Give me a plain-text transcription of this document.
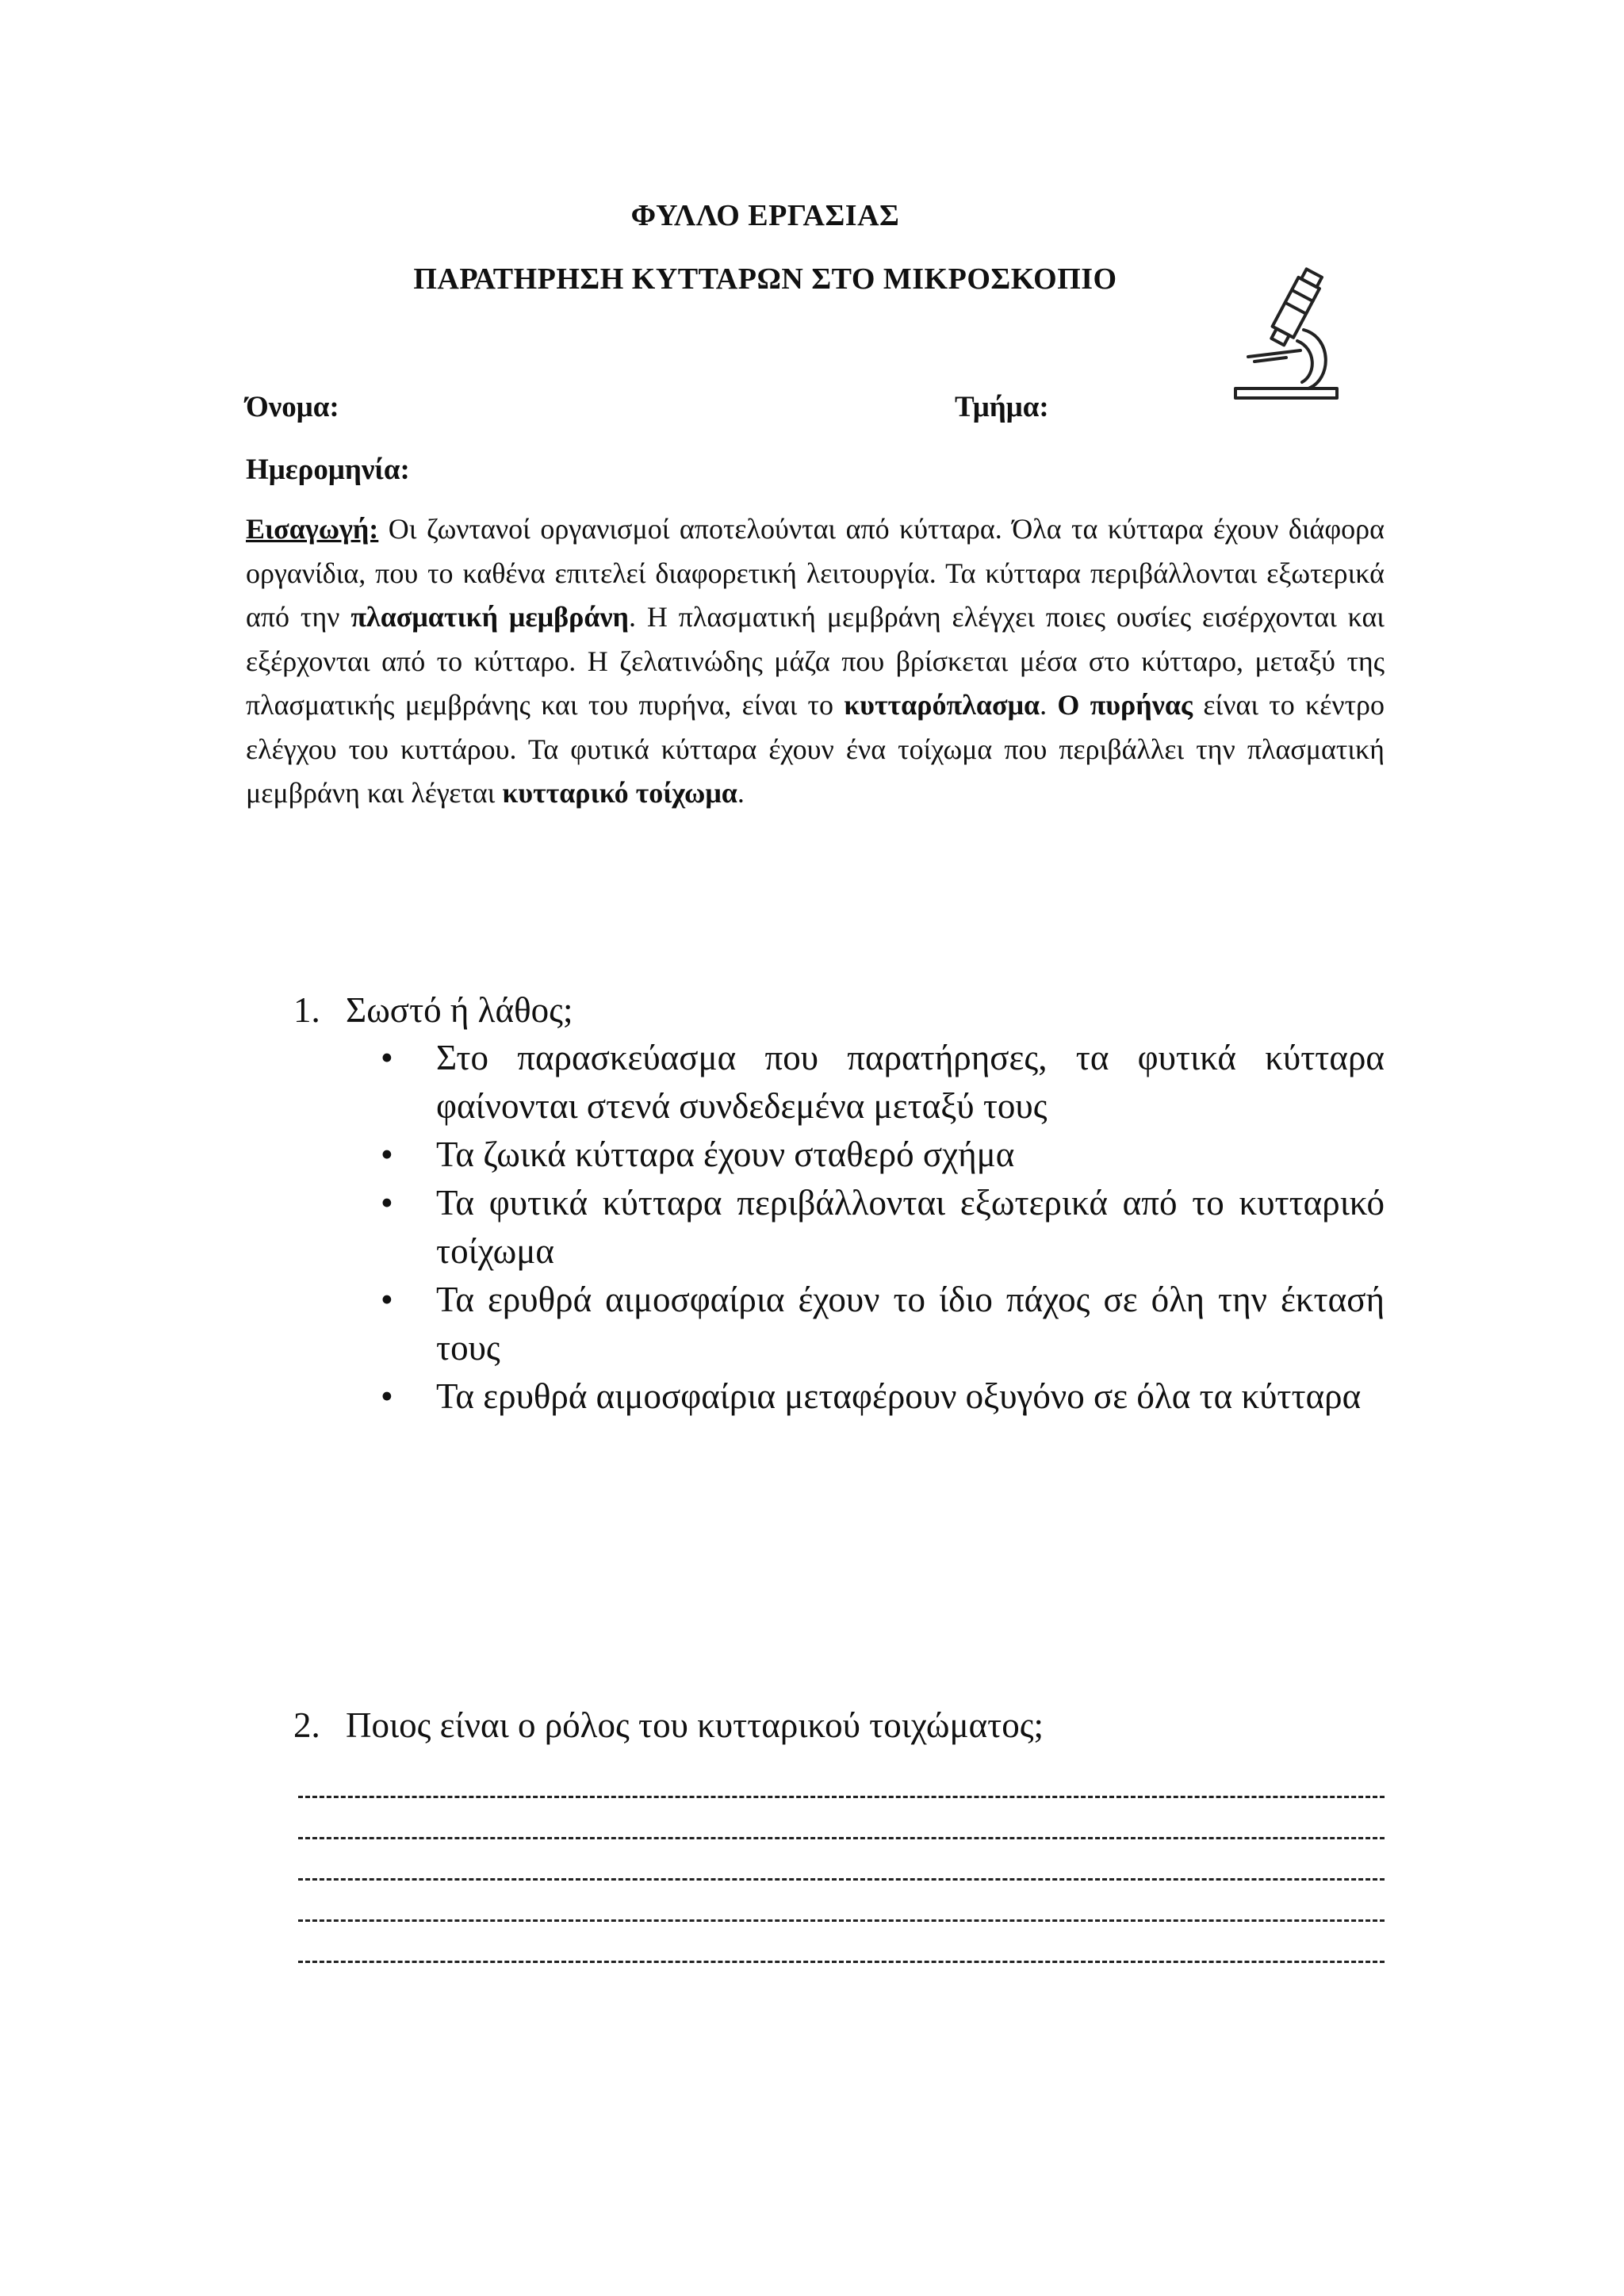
ΦΥΛΛΟ ΕΡΓΑΣΙΑΣ
ΠΑΡΑΤΗΡΗΣΗ ΚΥΤΤΑΡΩΝ ΣΤΟ ΜΙΚΡΟΣΚΟΠΙΟ
Όνομα:	Τμήμα:
Ημερομηνία:

Εισαγωγή: Οι ζωντανοί οργανισμοί αποτελούνται από κύτταρα. Όλα τα κύτταρα έχουν διάφορα οργανίδια, που το καθένα επιτελεί διαφορετική λειτουργία. Τα κύτταρα περιβάλλονται εξωτερικά από την πλασματική μεμβράνη. Η πλασματική μεμβράνη ελέγχει ποιες ουσίες εισέρχονται και εξέρχονται από το κύτταρο. Η ζελατινώδης μάζα που βρίσκεται μέσα στο κύτταρο, μεταξύ της πλασματικής μεμβράνης και του πυρήνα, είναι το κυτταρόπλασμα. Ο πυρήνας είναι το κέντρο ελέγχου του κυττάρου. Τα φυτικά κύτταρα έχουν ένα τοίχωμα που περιβάλλει την πλασματική μεμβράνη και λέγεται κυτταρικό τοίχωμα.

1. Σωστό ή λάθος;
• Στο παρασκεύασμα που παρατήρησες, τα φυτικά κύτταρα φαίνονται στενά συνδεδεμένα μεταξύ τους
• Τα ζωικά κύτταρα έχουν σταθερό σχήμα
• Τα φυτικά κύτταρα περιβάλλονται εξωτερικά από το κυτταρικό τοίχωμα
• Τα ερυθρά αιμοσφαίρια έχουν το ίδιο πάχος σε όλη την έκτασή τους
• Τα ερυθρά αιμοσφαίρια μεταφέρουν οξυγόνο σε όλα τα κύτταρα
2. Ποιος είναι ο ρόλος του κυτταρικού τοιχώματος;
